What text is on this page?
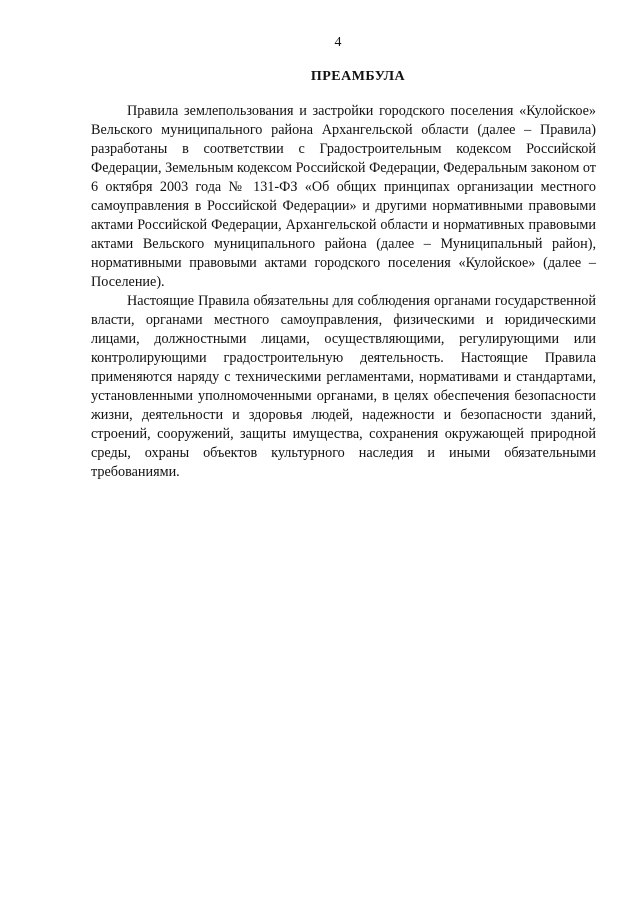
4
ПРЕАМБУЛА

Правила землепользования и застройки городского поселения «Кулойское» Вельского муниципального района Архангельской области (далее – Правила) разработаны в соответствии с Градостроительным кодексом Российской Федерации, Земельным кодексом Российской Федерации, Федеральным законом от 6 октября 2003 года № 131-ФЗ «Об общих принципах организации местного самоуправления в Российской Федерации» и другими нормативными правовыми актами Российской Федерации, Архангельской области и нормативных правовыми актами Вельского муниципального района (далее – Муниципальный район), нормативными правовыми актами городского поселения «Кулойское» (далее – Поселение).

Настоящие Правила обязательны для соблюдения органами государственной власти, органами местного самоуправления, физическими и юридическими лицами, должностными лицами, осуществляющими, регулирующими или контролирующими градостроительную деятельность. Настоящие Правила применяются наряду с техническими регламентами, нормативами и стандартами, установленными уполномоченными органами, в целях обеспечения безопасности жизни, деятельности и здоровья людей, надежности и безопасности зданий, строений, сооружений, защиты имущества, сохранения окружающей природной среды, охраны объектов культурного наследия и иными обязательными требованиями.
